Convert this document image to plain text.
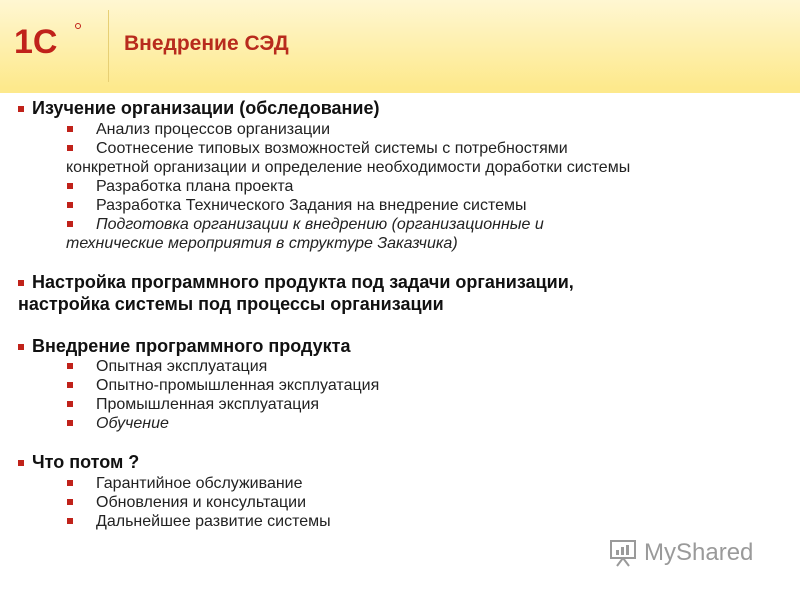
1С	Внедрение СЭД
Изучение организации (обследование)
Анализ процессов организации
Соотнесение типовых возможностей системы с потребностями
конкретной организации и определение необходимости доработки системы
Разработка плана проекта
Разработка Технического Задания на внедрение системы
Подготовка организации к внедрению (организационные и
технические мероприятия в структуре Заказчика)
Настройка программного продукта под задачи организации,
настройка системы под процессы организации
Внедрение программного продукта
Опытная эксплуатация
Опытно-промышленная эксплуатация
Промышленная эксплуатация
Обучение
Что потом ?
Гарантийное обслуживание
Обновления и консультации
Дальнейшее развитие системы
MyShared
